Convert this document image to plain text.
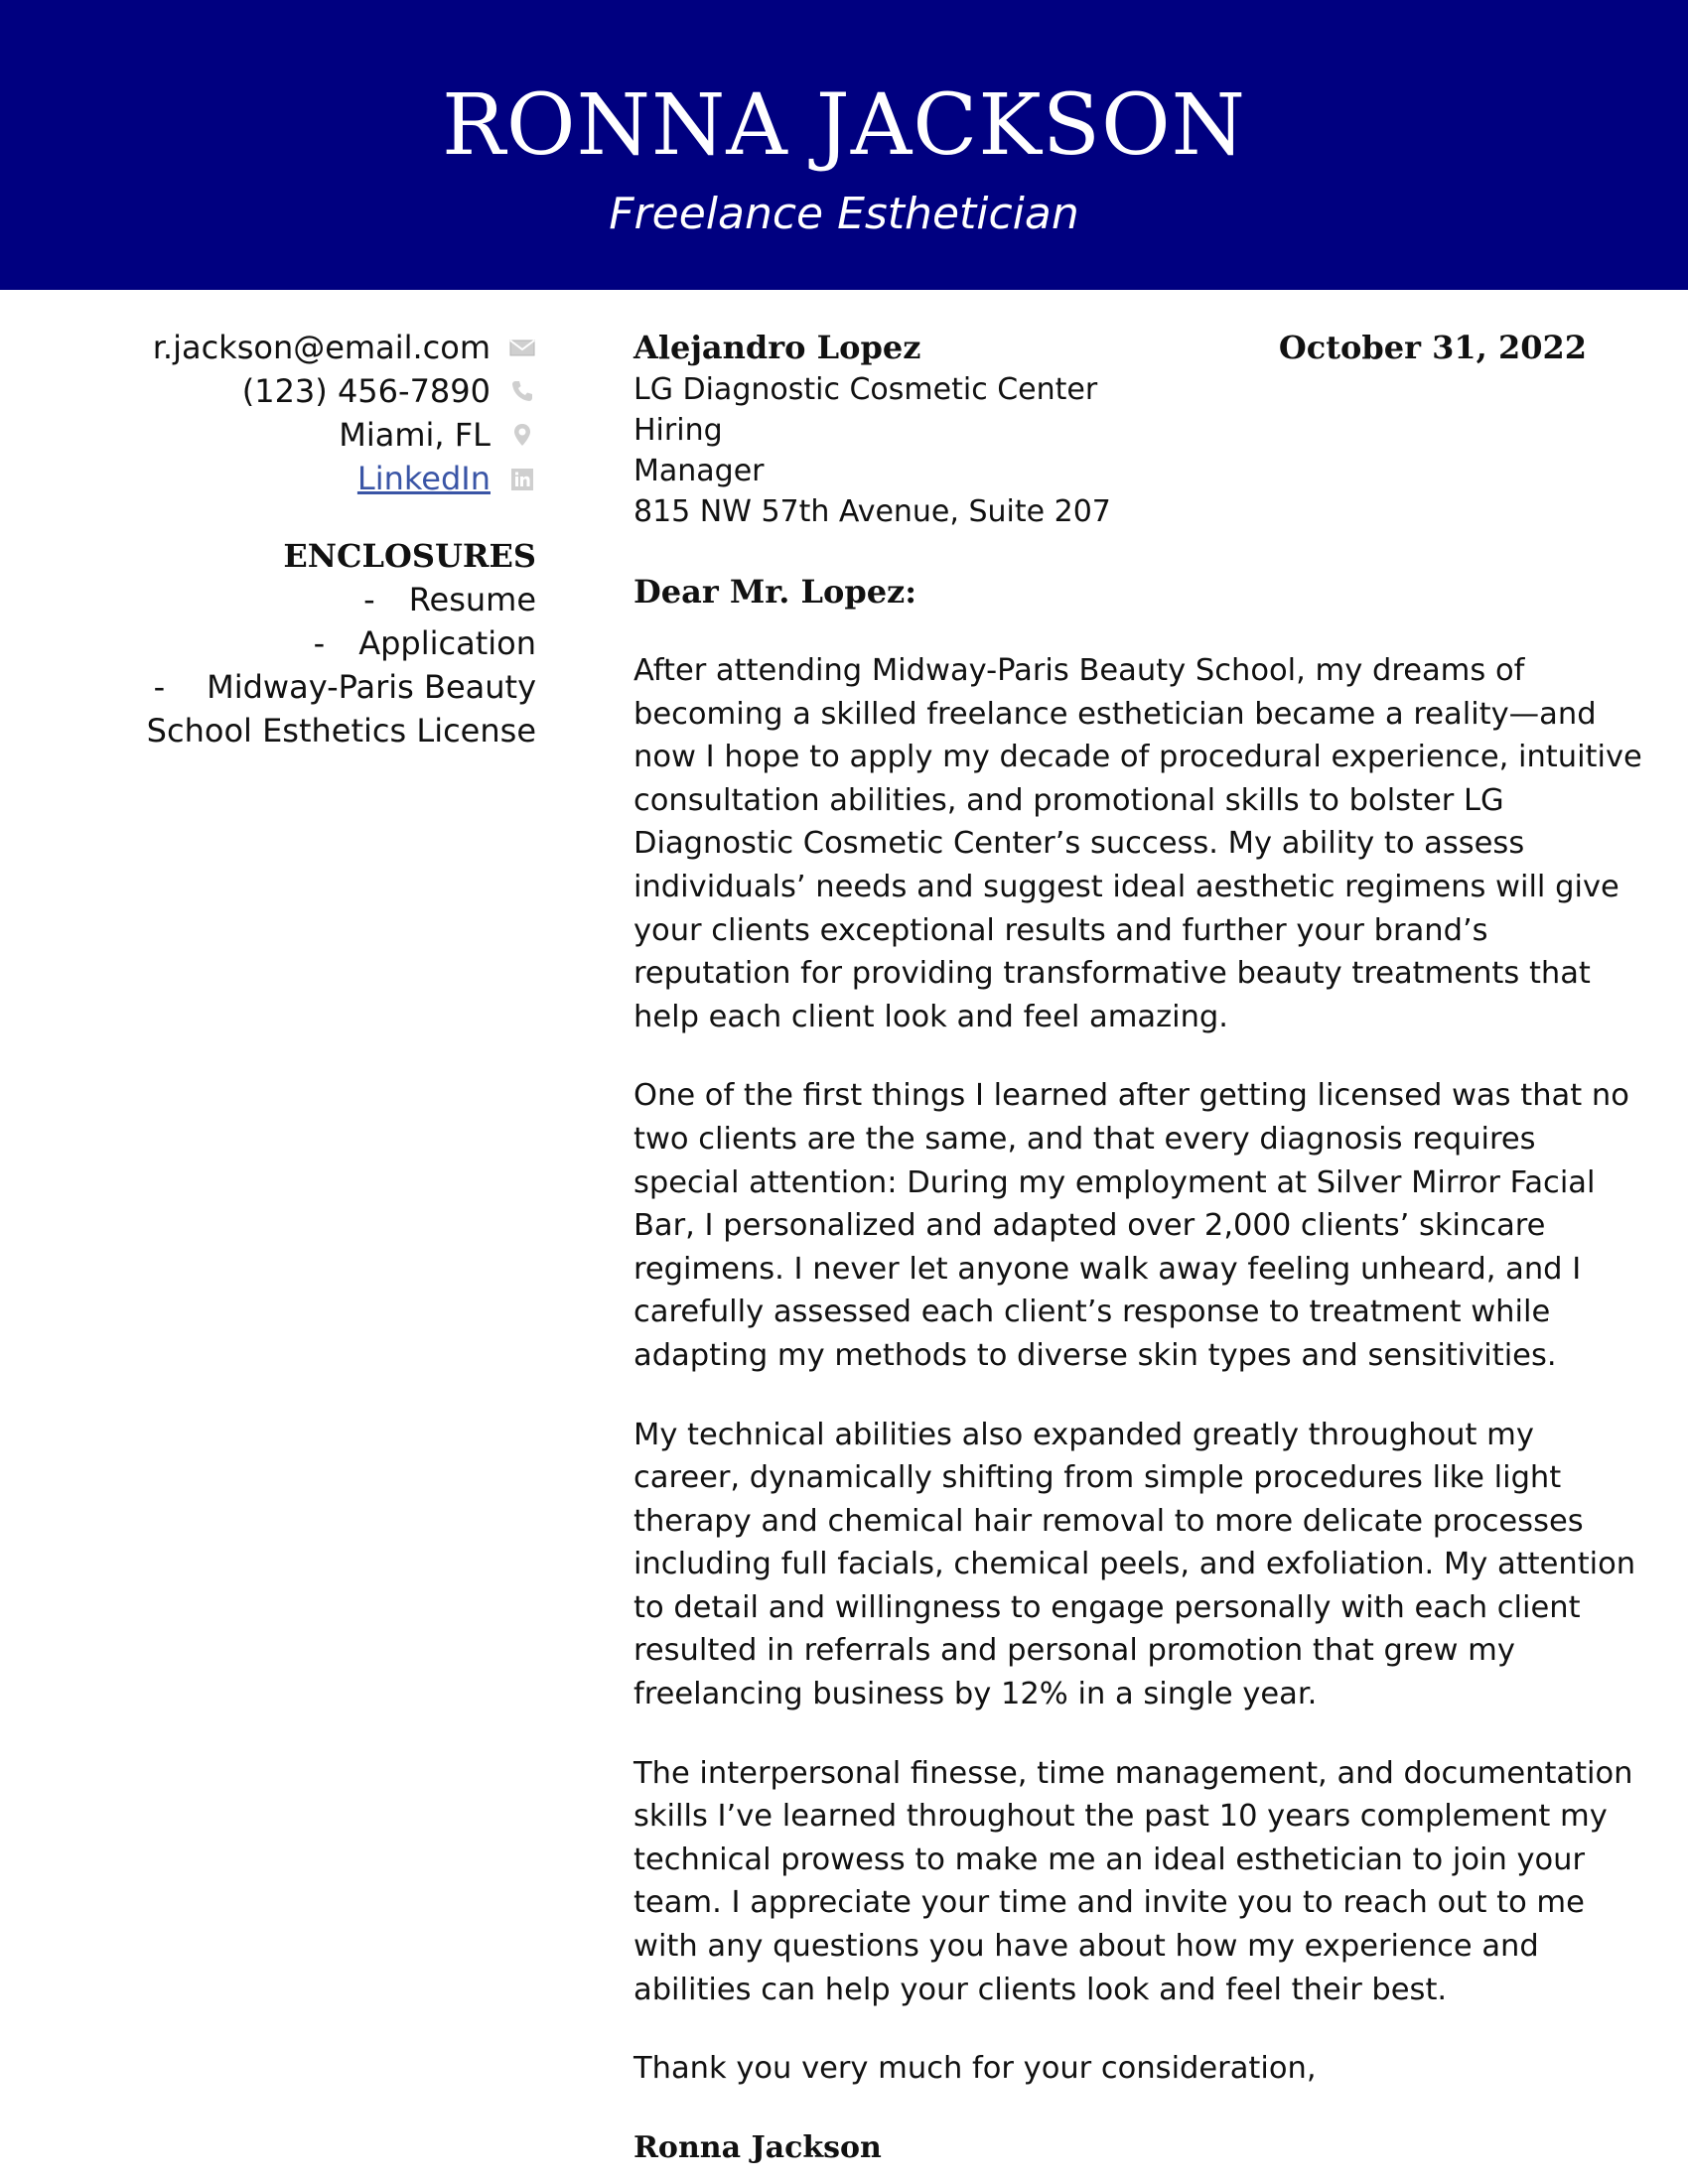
RONNA JACKSON
Freelance Esthetician
r.jackson@email.com
(123) 456-7890
Miami, FL
LinkedIn
ENCLOSURES
- Resume
- Application
- Midway-Paris Beauty
School Esthetics License
October 31, 2022
Alejandro Lopez
LG Diagnostic Cosmetic Center Hiring
Manager
815 NW 57th Avenue, Suite 207
Dear Mr. Lopez:
After attending Midway-Paris Beauty School, my dreams of becoming a skilled freelance esthetician became a reality—and now I hope to apply my decade of procedural experience, intuitive consultation abilities, and promotional skills to bolster LG Diagnostic Cosmetic Center’s success. My ability to assess individuals’ needs and suggest ideal aesthetic regimens will give your clients exceptional results and further your brand’s reputation for providing transformative beauty treatments that help each client look and feel amazing.
One of the first things I learned after getting licensed was that no two clients are the same, and that every diagnosis requires special attention: During my employment at Silver Mirror Facial Bar, I personalized and adapted over 2,000 clients’ skincare regimens. I never let anyone walk away feeling unheard, and I carefully assessed each client’s response to treatment while adapting my methods to diverse skin types and sensitivities.
My technical abilities also expanded greatly throughout my career, dynamically shifting from simple procedures like light therapy and chemical hair removal to more delicate processes including full facials, chemical peels, and exfoliation. My attention to detail and willingness to engage personally with each client resulted in referrals and personal promotion that grew my freelancing business by 12% in a single year.
The interpersonal finesse, time management, and documentation skills I’ve learned throughout the past 10 years complement my technical prowess to make me an ideal esthetician to join your team. I appreciate your time and invite you to reach out to me with any questions you have about how my experience and abilities can help your clients look and feel their best.
Thank you very much for your consideration,
Ronna Jackson
